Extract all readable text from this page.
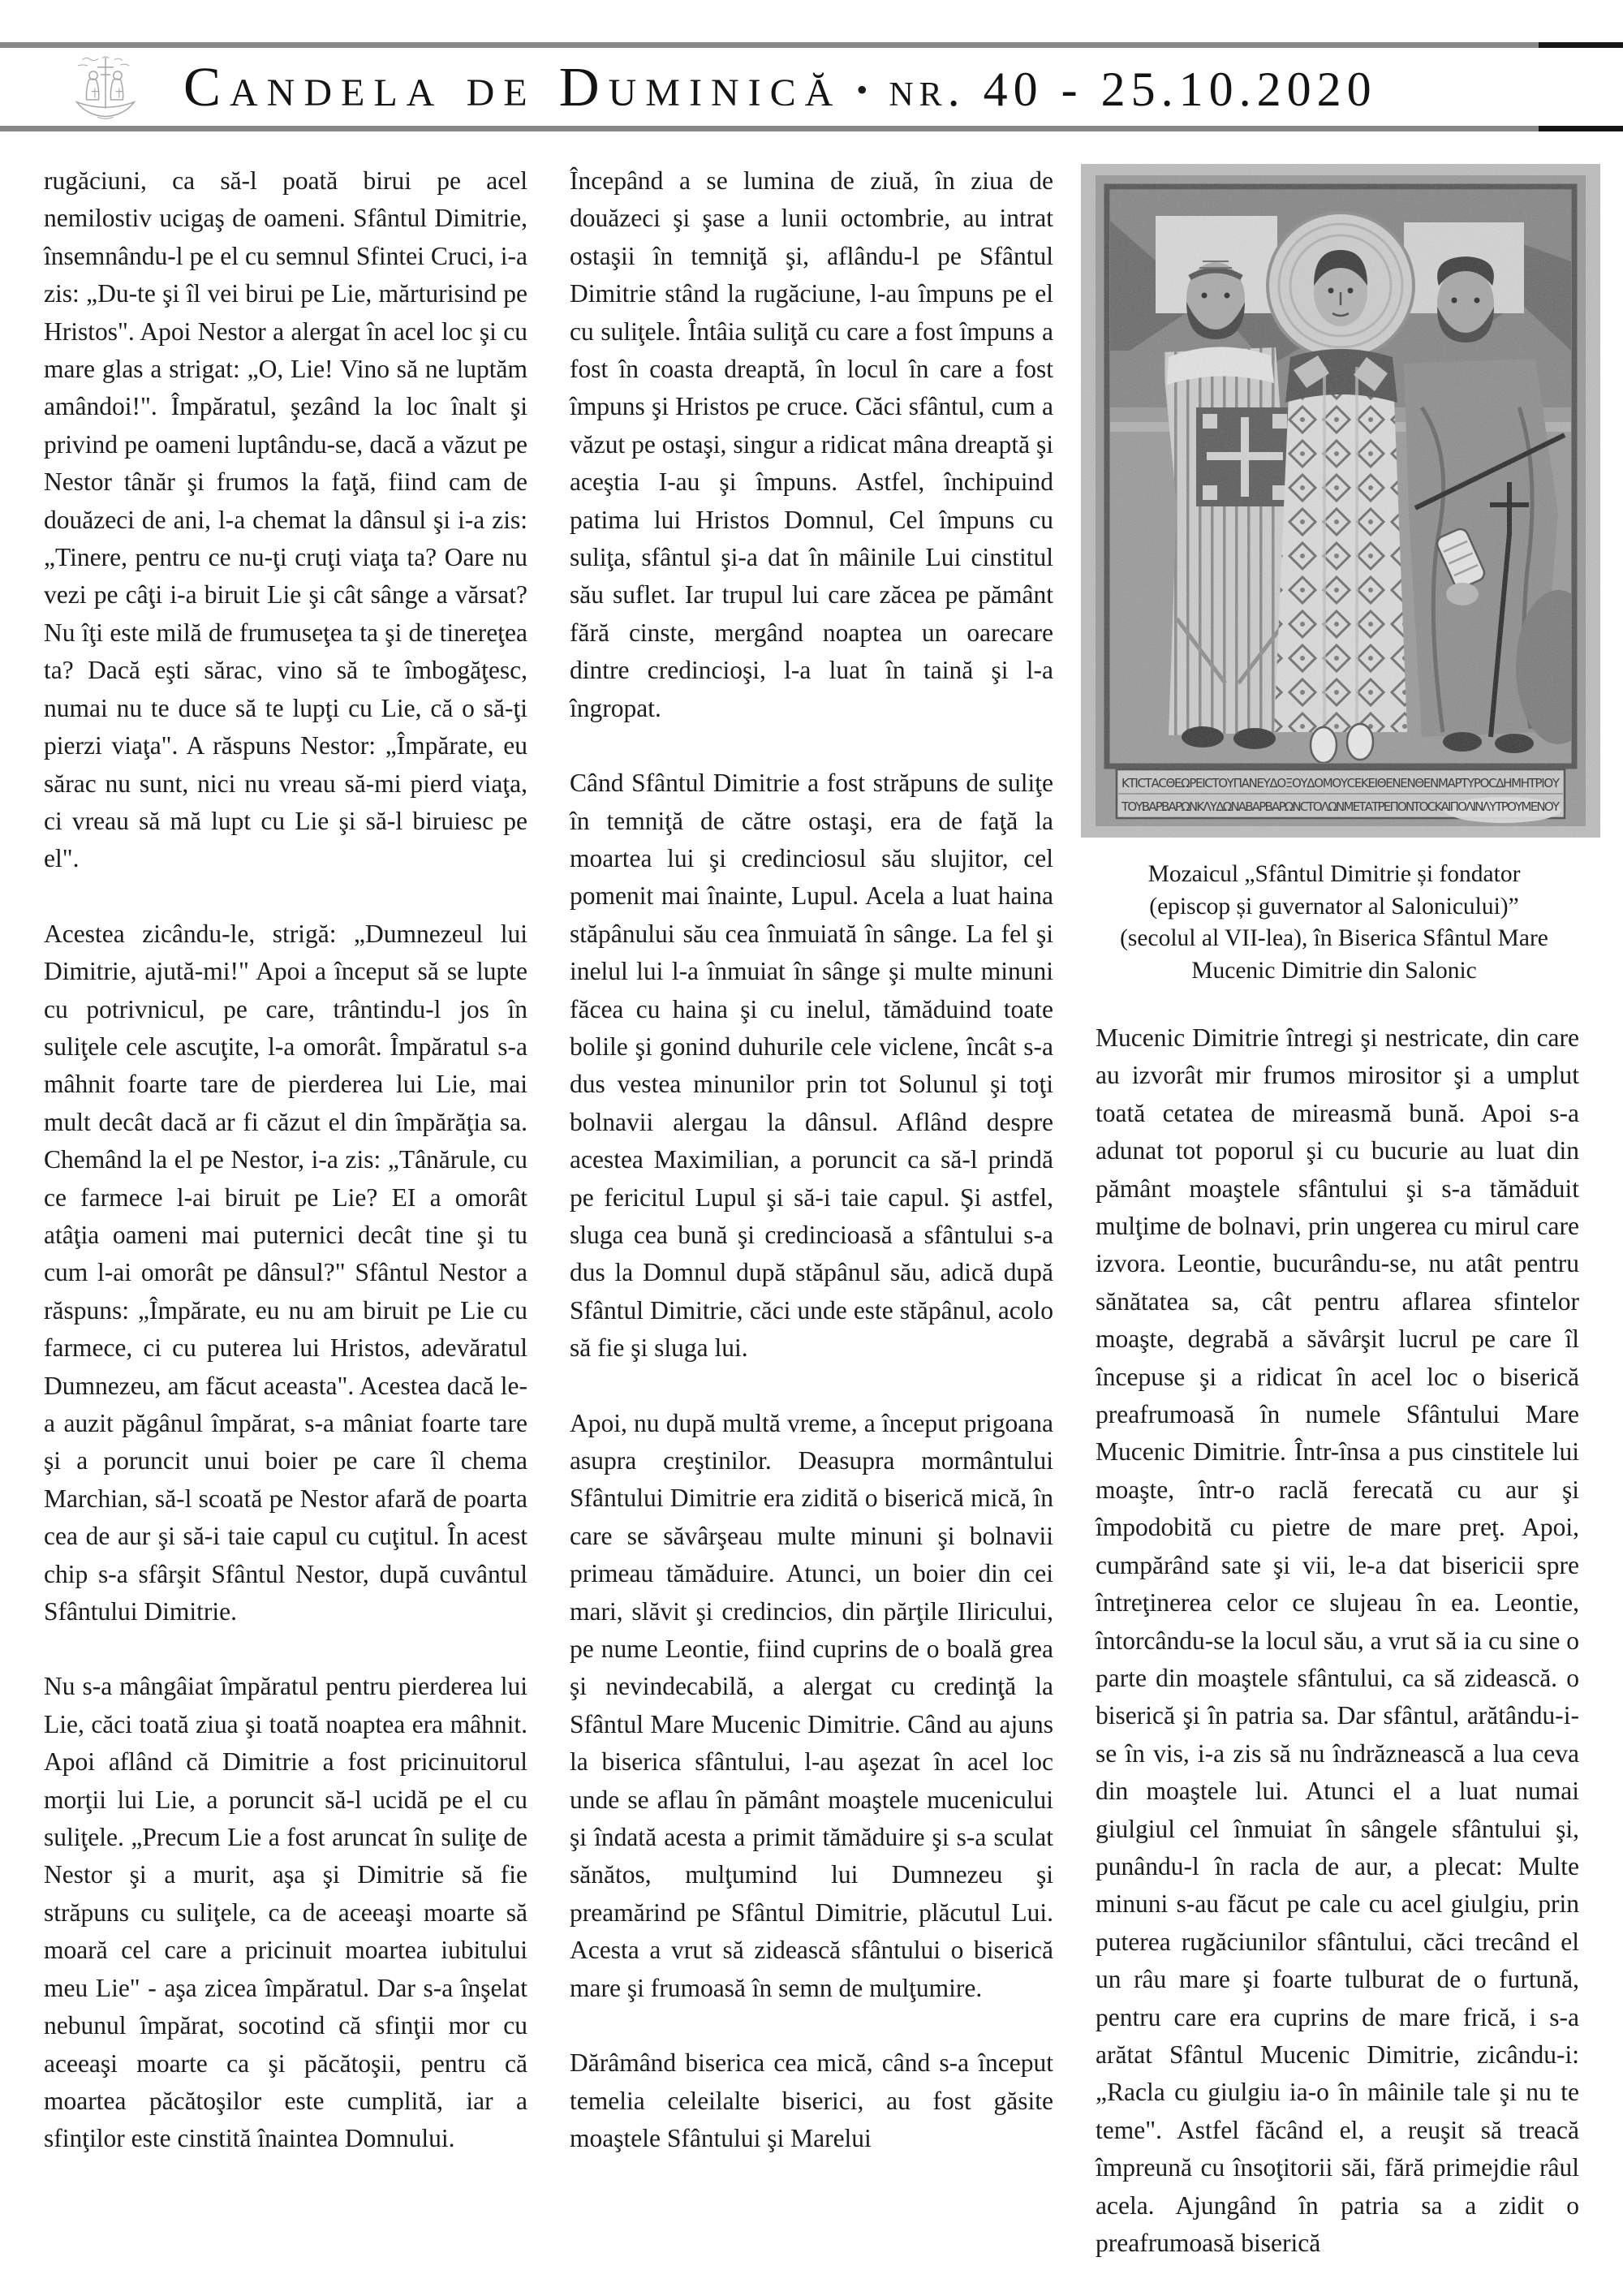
Candela de Duminică • nr. 40 - 25.10.2020

rugăciuni, ca să-l poată birui pe acel nemilostiv ucigaş de oameni. Sfântul Dimitrie, însemnându-l pe el cu semnul Sfintei Cruci, i-a zis: „Du-te şi îl vei birui pe Lie, mărturisind pe Hristos". Apoi Nestor a alergat în acel loc şi cu mare glas a strigat: „O, Lie! Vino să ne luptăm amândoi!". Împăratul, şezând la loc înalt şi privind pe oameni luptându-se, dacă a văzut pe Nestor tânăr şi frumos la faţă, fiind cam de douăzeci de ani, l-a chemat la dânsul şi i-a zis: „Tinere, pentru ce nu-ţi cruţi viaţa ta? Oare nu vezi pe câţi i-a biruit Lie şi cât sânge a vărsat? Nu îţi este milă de frumuseţea ta şi de tinereţea ta? Dacă eşti sărac, vino să te îmbogăţesc, numai nu te duce să te lupţi cu Lie, că o să-ţi pierzi viaţa". A răspuns Nestor: „Împărate, eu sărac nu sunt, nici nu vreau să-mi pierd viaţa, ci vreau să mă lupt cu Lie şi să-l biruiesc pe el".

Acestea zicându-le, strigă: „Dumnezeul lui Dimitrie, ajută-mi!" Apoi a început să se lupte cu potrivnicul, pe care, trântindu-l jos în suliţele cele ascuţite, l-a omorât. Împăratul s-a mâhnit foarte tare de pierderea lui Lie, mai mult decât dacă ar fi căzut el din împărăţia sa. Chemând la el pe Nestor, i-a zis: „Tânărule, cu ce farmece l-ai biruit pe Lie? EI a omorât atâţia oameni mai puternici decât tine şi tu cum l-ai omorât pe dânsul?" Sfântul Nestor a răspuns: „Împărate, eu nu am biruit pe Lie cu farmece, ci cu puterea lui Hristos, adevăratul Dumnezeu, am făcut aceasta". Acestea dacă le-a auzit păgânul împărat, s-a mâniat foarte tare şi a poruncit unui boier pe care îl chema Marchian, să-l scoată pe Nestor afară de poarta cea de aur şi să-i taie capul cu cuţitul. În acest chip s-a sfârşit Sfântul Nestor, după cuvântul Sfântului Dimitrie.

Nu s-a mângâiat împăratul pentru pierderea lui Lie, căci toată ziua şi toată noaptea era mâhnit. Apoi aflând că Dimitrie a fost pricinuitorul morţii lui Lie, a poruncit să-l ucidă pe el cu suliţele. „Precum Lie a fost aruncat în suliţe de Nestor şi a murit, aşa şi Dimitrie să fie străpuns cu suliţele, ca de aceeaşi moarte să moară cel care a pricinuit moartea iubitului meu Lie" - aşa zicea împăratul. Dar s-a înşelat nebunul împărat, socotind că sfinţii mor cu aceeaşi moarte ca şi păcătoşii, pentru că moartea păcătoşilor este cumplită, iar a sfinţilor este cinstită înaintea Domnului.

Începând a se lumina de ziuă, în ziua de douăzeci şi şase a lunii octombrie, au intrat ostaşii în temniţă şi, aflându-l pe Sfântul Dimitrie stând la rugăciune, l-au împuns pe el cu suliţele. Întâia suliţă cu care a fost împuns a fost în coasta dreaptă, în locul în care a fost împuns şi Hristos pe cruce. Căci sfântul, cum a văzut pe ostaşi, singur a ridicat mâna dreaptă şi aceştia I-au şi împuns. Astfel, închipuind patima lui Hristos Domnul, Cel împuns cu suliţa, sfântul şi-a dat în mâinile Lui cinstitul său suflet. Iar trupul lui care zăcea pe pământ fără cinste, mergând noaptea un oarecare dintre credincioşi, l-a luat în taină şi l-a îngropat.

Când Sfântul Dimitrie a fost străpuns de suliţe în temniţă de către ostaşi, era de faţă la moartea lui şi credinciosul său slujitor, cel pomenit mai înainte, Lupul. Acela a luat haina stăpânului său cea înmuiată în sânge. La fel şi inelul lui l-a înmuiat în sânge şi multe minuni făcea cu haina şi cu inelul, tămăduind toate bolile şi gonind duhurile cele viclene, încât s-a dus vestea minunilor prin tot Solunul şi toţi bolnavii alergau la dânsul. Aflând despre acestea Maximilian, a poruncit ca să-l prindă pe fericitul Lupul şi să-i taie capul. Şi astfel, sluga cea bună şi credincioasă a sfântului s-a dus la Domnul după stăpânul său, adică după Sfântul Dimitrie, căci unde este stăpânul, acolo să fie şi sluga lui.

Apoi, nu după multă vreme, a început prigoana asupra creştinilor. Deasupra mormântului Sfântului Dimitrie era zidită o biserică mică, în care se săvârşeau multe minuni şi bolnavii primeau tămăduire. Atunci, un boier din cei mari, slăvit şi credincios, din părţile Iliricului, pe nume Leontie, fiind cuprins de o boală grea şi nevindecabilă, a alergat cu credinţă la Sfântul Mare Mucenic Dimitrie. Când au ajuns la biserica sfântului, l-au aşezat în acel loc unde se aflau în pământ moaştele mucenicului şi îndată acesta a primit tămăduire şi s-a sculat sănătos, mulţumind lui Dumnezeu şi preamărind pe Sfântul Dimitrie, plăcutul Lui. Acesta a vrut să zidească sfântului o biserică mare şi frumoasă în semn de mulţumire.

Dărâmând biserica cea mică, când s-a început temelia celeilalte biserici, au fost găsite moaştele Sfântului şi Marelui

ΚΤΙCΤΑCΘΕΩΡΕΙCΤΟΥΠΑΝΕΥΔΟΞΟΥΔΟΜΟΥCΕΚΕΙΘΕΝΕΝΘΕΝΜΑΡΤΥΡΟCΔΗΜΗΤΡΙΟΥ
ΤΟΥΒΑΡΒΑΡΩΝΚΛΥΔΩΝΑΒΑΡΒΑΡΩΝCΤΟΛΩΝΜΕΤΑΤΡΕΠΟΝΤΟCΚΑΙΠΟΛΙΝΛΥΤΡΟΥΜΕΝΟΥ
Mozaicul „Sfântul Dimitrie și fondator
(episcop și guvernator al Salonicului)”
(secolul al VII-lea), în Biserica Sfântul Mare
Mucenic Dimitrie din Salonic

Mucenic Dimitrie întregi şi nestricate, din care au izvorât mir frumos mirositor şi a umplut toată cetatea de mireasmă bună. Apoi s-a adunat tot poporul şi cu bucurie au luat din pământ moaştele sfântului şi s-a tămăduit mulţime de bolnavi, prin ungerea cu mirul care izvora. Leontie, bucurându-se, nu atât pentru sănătatea sa, cât pentru aflarea sfintelor moaşte, degrabă a săvârşit lucrul pe care îl începuse şi a ridicat în acel loc o biserică preafrumoasă în numele Sfântului Mare Mucenic Dimitrie. Într-însa a pus cinstitele lui moaşte, într-o raclă ferecată cu aur şi împodobită cu pietre de mare preţ. Apoi, cumpărând sate şi vii, le-a dat bisericii spre întreţinerea celor ce slujeau în ea. Leontie, întorcându-se la locul său, a vrut să ia cu sine o parte din moaştele sfântului, ca să zidească. o biserică şi în patria sa. Dar sfântul, arătându-i-se în vis, i-a zis să nu îndrăznească a lua ceva din moaştele lui. Atunci el a luat numai giulgiul cel înmuiat în sângele sfântului şi, punându-l în racla de aur, a plecat: Multe minuni s-au făcut pe cale cu acel giulgiu, prin puterea rugăciunilor sfântului, căci trecând el un râu mare şi foarte tulburat de o furtună, pentru care era cuprins de mare frică, i s-a arătat Sfântul Mucenic Dimitrie, zicându-i: „Racla cu giulgiu ia-o în mâinile tale şi nu te teme". Astfel făcând el, a reuşit să treacă împreună cu însoţitorii săi, fără primejdie râul acela. Ajungând în patria sa a zidit o preafrumoasă biserică
